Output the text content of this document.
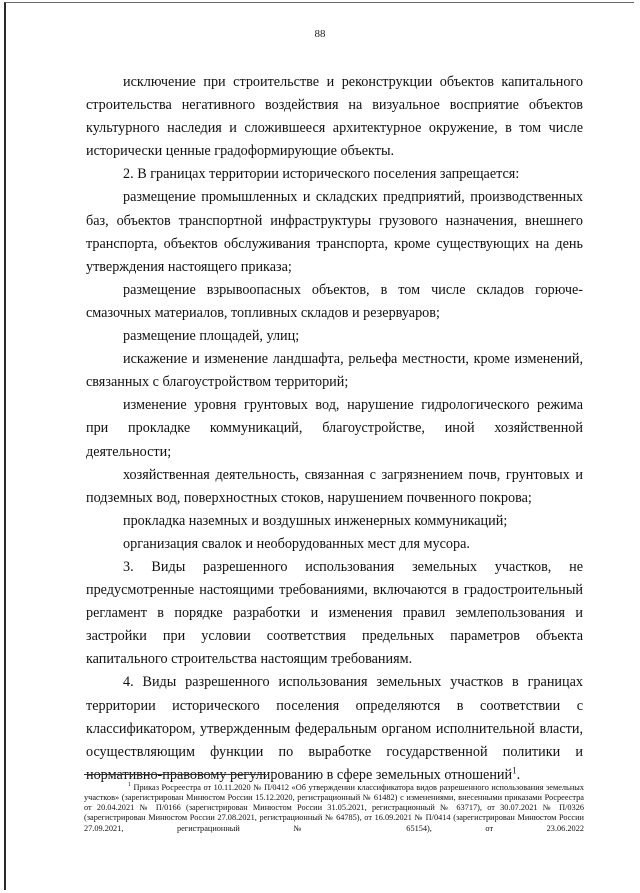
88

исключение при строительстве и реконструкции объектов капитального строительства негативного воздействия на визуальное восприятие объектов культурного наследия и сложившееся архитектурное окружение, в том числе исторически ценные градоформирующие объекты.

2. В границах территории исторического поселения запрещается:

размещение промышленных и складских предприятий, производственных баз, объектов транспортной инфраструктуры грузового назначения, внешнего транспорта, объектов обслуживания транспорта, кроме существующих на день утверждения настоящего приказа;

размещение взрывоопасных объектов, в том числе складов горюче-смазочных материалов, топливных складов и резервуаров;

размещение площадей, улиц;

искажение и изменение ландшафта, рельефа местности, кроме изменений, связанных с благоустройством территорий;

изменение уровня грунтовых вод, нарушение гидрологического режима при прокладке коммуникаций, благоустройстве, иной хозяйственной деятельности;

хозяйственная деятельность, связанная с загрязнением почв, грунтовых и подземных вод, поверхностных стоков, нарушением почвенного покрова;

прокладка наземных и воздушных инженерных коммуникаций;

организация свалок и необорудованных мест для мусора.

3. Виды разрешенного использования земельных участков, не предусмотренные настоящими требованиями, включаются в градостроительный регламент в порядке разработки и изменения правил землепользования и застройки при условии соответствия предельных параметров объекта капитального строительства настоящим требованиям.

4. Виды разрешенного использования земельных участков в границах территории исторического поселения определяются в соответствии с классификатором, утвержденным федеральным органом исполнительной власти, осуществляющим функции по выработке государственной политики и нормативно-правовому регулированию в сфере земельных отношений$^1$.

$^1$ Приказ Росреестра от 10.11.2020 № П/0412 «Об утверждении классификатора видов разрешенного использования земельных участков» (зарегистрирован Минюстом России 15.12.2020, регистрационный № 61482) с изменениями, внесенными приказами Росреестра от 20.04.2021 № П/0166 (зарегистрирован Минюстом России 31.05.2021, регистрационный № 63717), от 30.07.2021 № П/0326 (зарегистрирован Минюстом России 27.08.2021, регистрационный № 64785), от 16.09.2021 № П/0414 (зарегистрирован Минюстом России 27.09.2021, регистрационный № 65154), от 23.06.2022
